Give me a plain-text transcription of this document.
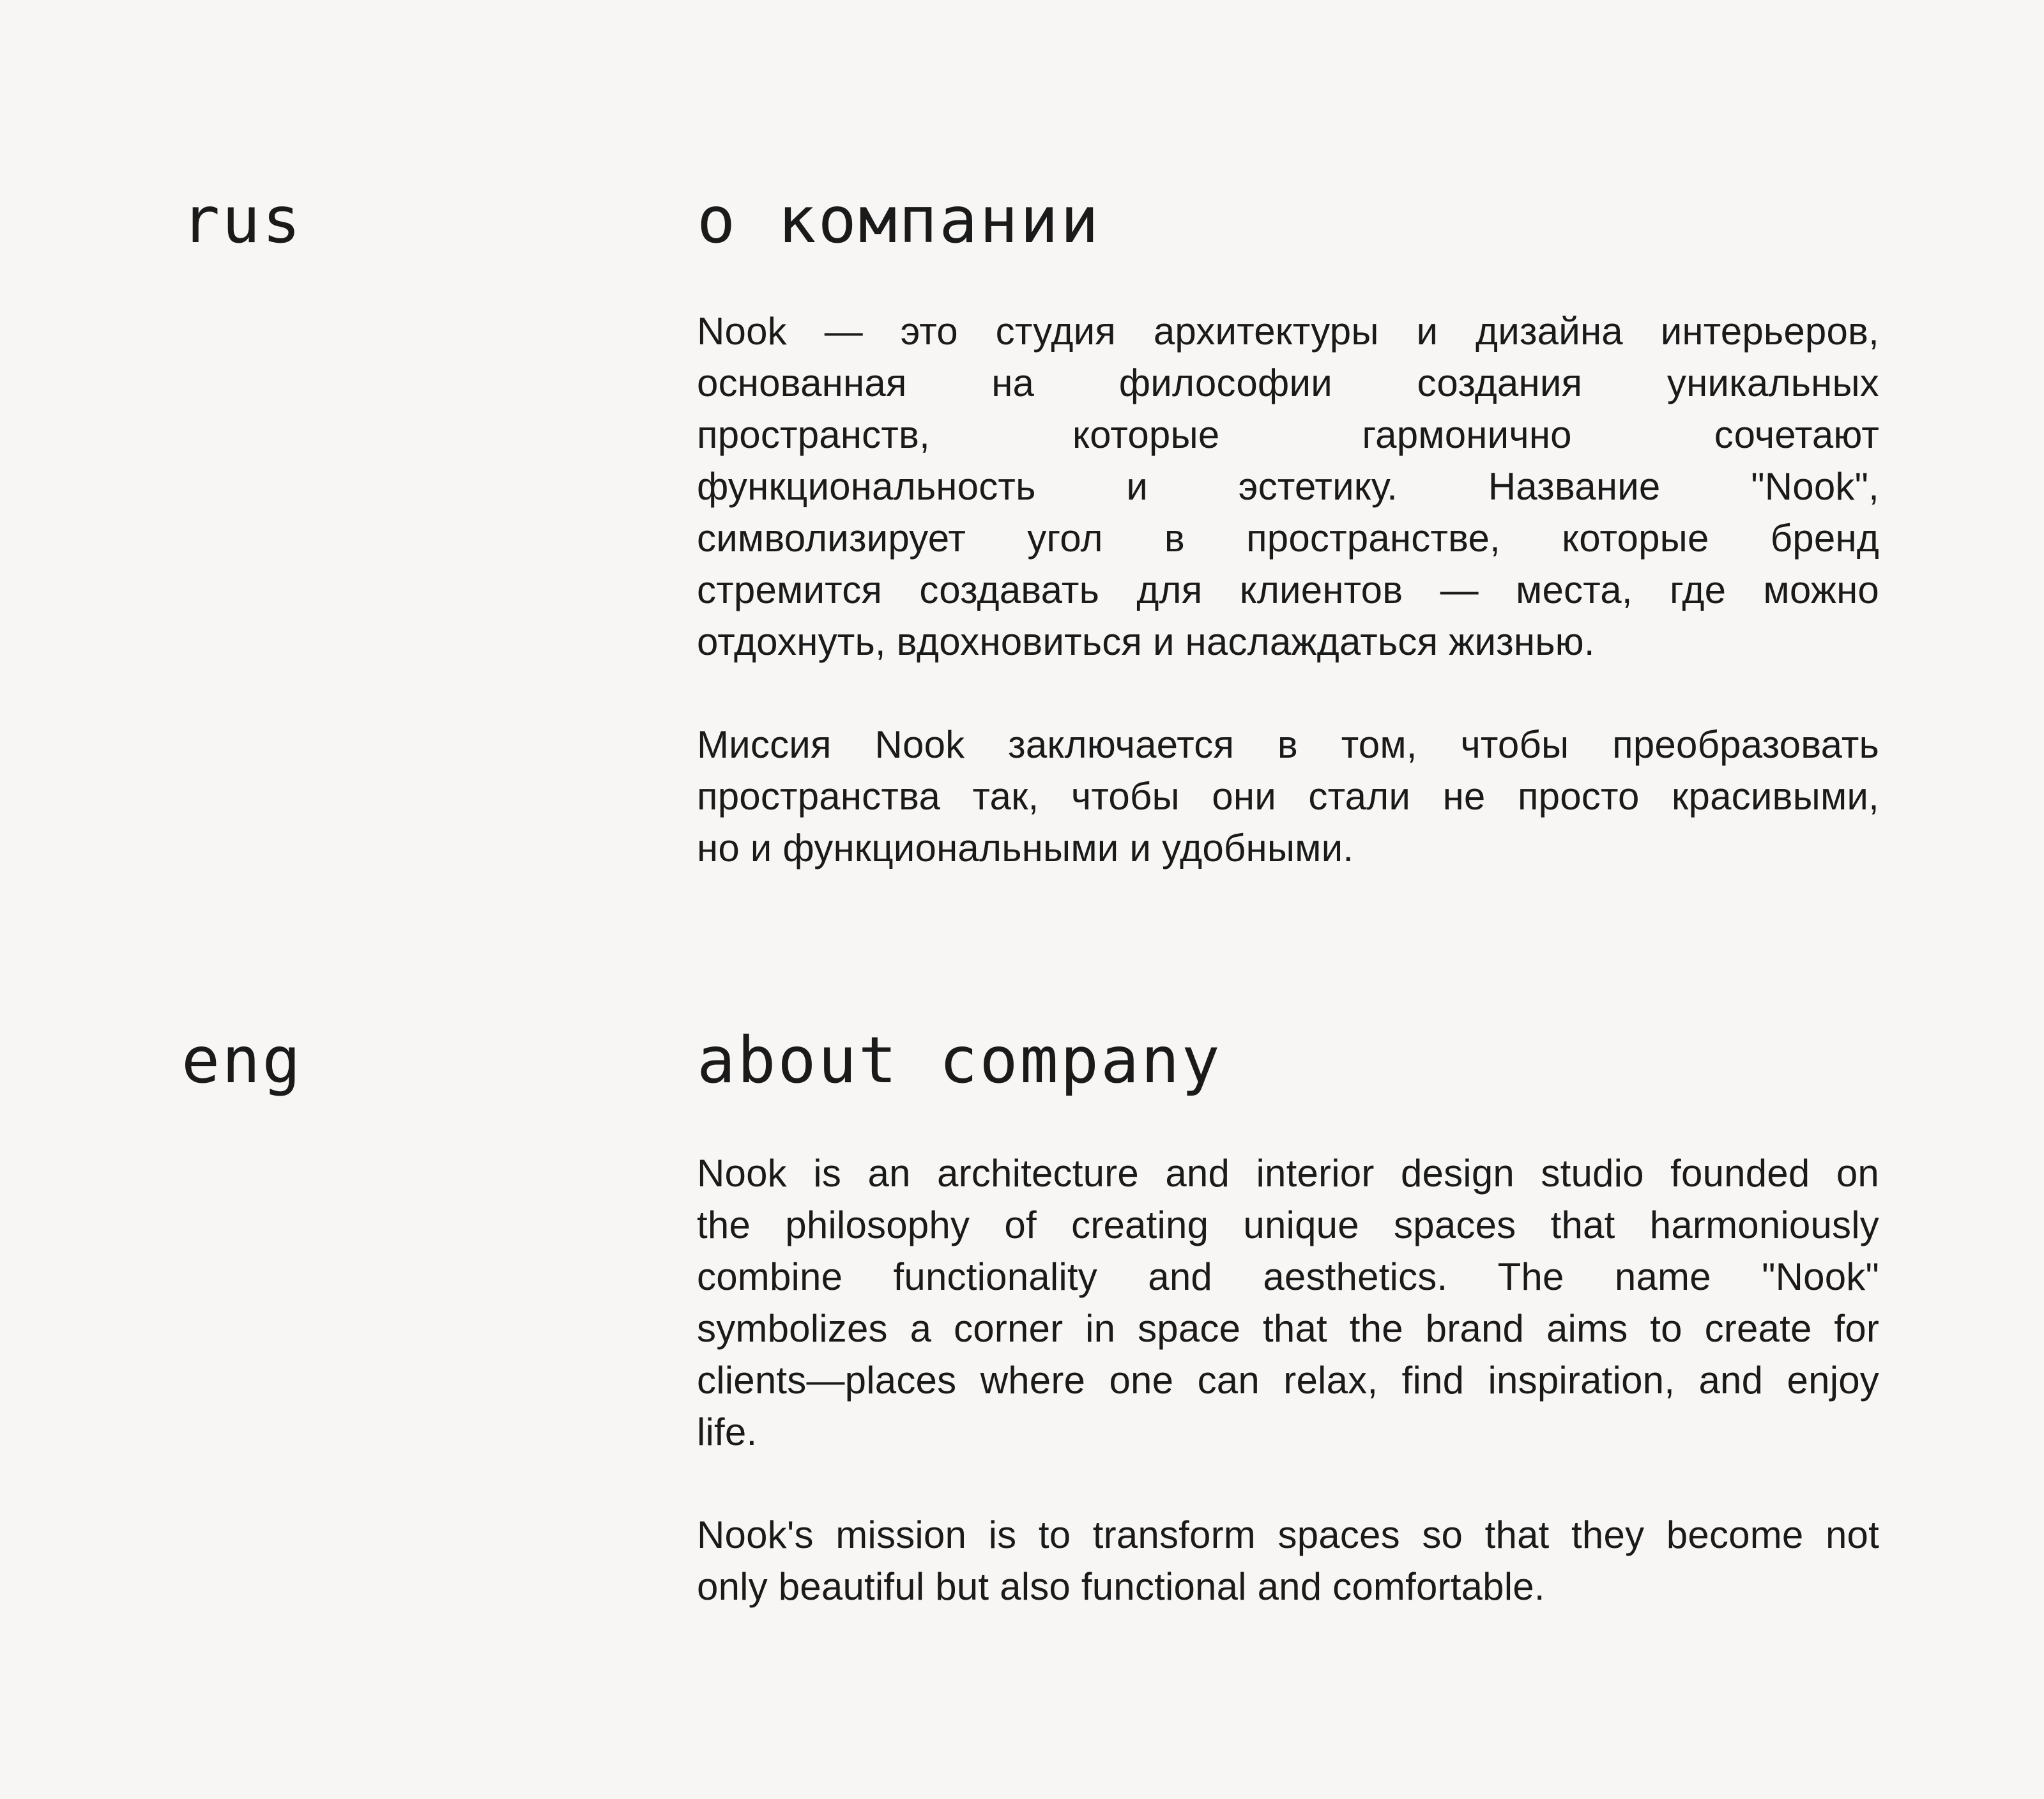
rus	о компании
Nook — это студия архитектуры и дизайна интерьеров,
основанная на философии создания уникальных
пространств, которые гармонично сочетают
функциональность и эстетику. Название "Nook",
символизирует угол в пространстве, которые бренд
стремится создавать для клиентов — места, где можно
отдохнуть, вдохновиться и наслаждаться жизнью.
Миссия Nook заключается в том, чтобы преобразовать
пространства так, чтобы они стали не просто красивыми,
но и функциональными и удобными.
eng	about company
Nook is an architecture and interior design studio founded on
the philosophy of creating unique spaces that harmoniously
combine functionality and aesthetics. The name "Nook"
symbolizes a corner in space that the brand aims to create for
clients—places where one can relax, find inspiration, and enjoy
life.
Nook's mission is to transform spaces so that they become not
only beautiful but also functional and comfortable.
